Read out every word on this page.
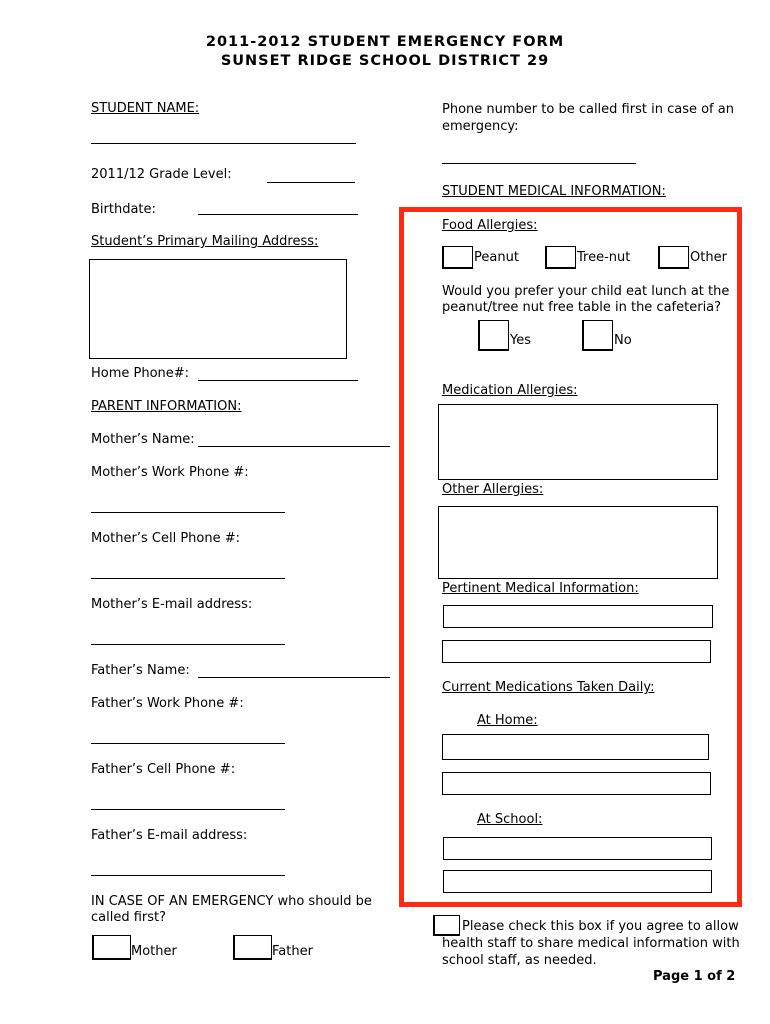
2011-2012 STUDENT EMERGENCY FORM
SUNSET RIDGE SCHOOL DISTRICT 29
STUDENT NAME:
2011/12 Grade Level:
Birthdate:
Student’s Primary Mailing Address:
Home Phone#:
PARENT INFORMATION:
Mother’s Name:
Mother’s Work Phone #:
Mother’s Cell Phone #:
Mother’s E-mail address:
Father’s Name:
Father’s Work Phone #:
Father’s Cell Phone #:
Father’s E-mail address:
IN CASE OF AN EMERGENCY who should be
called first?
Mother	Father
Phone number to be called first in case of an
emergency:
STUDENT MEDICAL INFORMATION:
Food Allergies:
Peanut	Tree-nut	Other
Would you prefer your child eat lunch at the
peanut/tree nut free table in the cafeteria?
Yes	No
Medication Allergies:
Other Allergies:
Pertinent Medical Information:
Current Medications Taken Daily:
At Home:
At School:
Please check this box if you agree to allow
health staff to share medical information with
school staff, as needed.
Page 1 of 2
